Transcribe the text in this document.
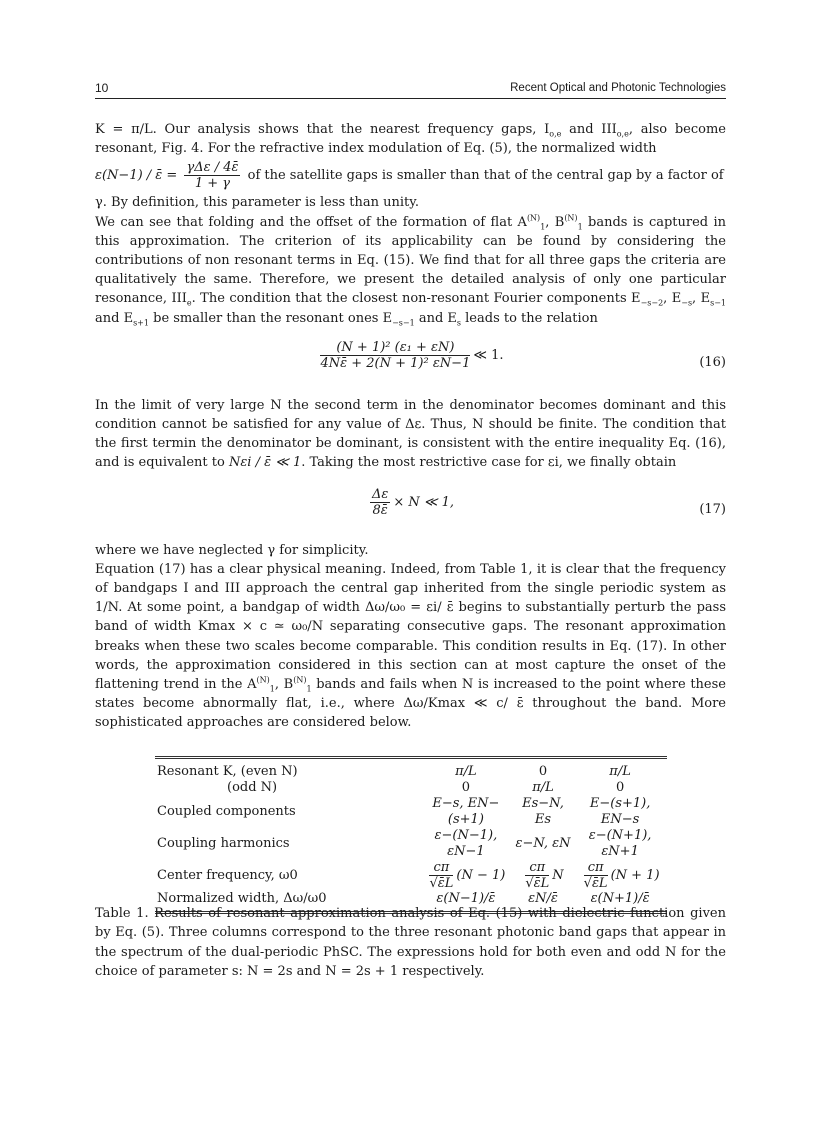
10	Recent Optical and Photonic Technologies

K = π/L. Our analysis shows that the nearest frequency gaps, $I_{o,e}$ and $III_{o,e}$, also become resonant, Fig. 4. For the refractive index modulation of Eq. (5), the normalized width

ε(N−1) / ε̄ = $\frac{\text{γΔε / 4ε̄}}{1 + \gamma}$ of the satellite gaps is smaller than that of the central gap by a factor of

γ. By definition, this parameter is less than unity.

We can see that folding and the offset of the formation of flat $A^{(N)}_1$, $B^{(N)}_1$ bands is captured in this approximation. The criterion of its applicability can be found by considering the contributions of non resonant terms in Eq. (15). We find that for all three gaps the criteria are qualitatively the same. Therefore, we present the detailed analysis of only one particular resonance, $III_e$. The condition that the closest non-resonant Fourier components $E_{-s-2}$, $E_{-s}$, $E_{s-1}$ and $E_{s+1}$ be smaller than the resonant ones $E_{-s-1}$ and $E_s$ leads to the relation

$\frac{\text{(N + 1)² (ε₁ + εN)}}{\text{4Nε̄ + 2(N + 1)² εN−1}}$ ≪ 1.	(16)

In the limit of very large N the second term in the denominator becomes dominant and this condition cannot be satisfied for any value of Δε. Thus, N should be finite. The condition that the first termin the denominator be dominant, is consistent with the entire inequality Eq. (16), and is equivalent to Nεi / ε̄ ≪ 1. Taking the most restrictive case for εi, we finally obtain

$\frac{\Delta\varepsilon}{8\varepsilon̄} \times N$ ≪ 1,	(17)

where we have neglected γ for simplicity.

Equation (17) has a clear physical meaning. Indeed, from Table 1, it is clear that the frequency of bandgaps I and III approach the central gap inherited from the single periodic system as 1/N. At some point, a bandgap of width Δω/ω₀ = εi/ ε̄ begins to substantially perturb the pass band of width Kmax × c ≃ ω₀/N separating consecutive gaps. The resonant approximation breaks when these two scales become comparable. This condition results in Eq. (17). In other words, the approximation considered in this section can at most capture the onset of the flattening trend in the $A^{(N)}_1$, $B^{(N)}_1$ bands and fails when N is increased to the point where these states become abnormally flat, i.e., where Δω/Kmax ≪ c/ ε̄ throughout the band. More sophisticated approaches are considered below.

Resonant K, (even N)	π/L	0	π/L
(odd N)	0	π/L	0
Coupled components	E−s, EN−(s+1)	Es−N, Es	E−(s+1), EN−s
Coupling harmonics	ε−(N−1), εN−1	ε−N, εN	ε−(N+1), εN+1
Center frequency, ω0	$\frac{c\pi}{√\varepsilon̄L} (N - 1)$	$\frac{c\pi}{√\varepsilon̄L}$ N	$\frac{c\pi}{√\varepsilon̄L} (N + 1)$
Normalized width, Δω/ω0	ε(N−1)/ε̄	εN/ε̄	ε(N+1)/ε̄
Table 1. Results of resonant approximation analysis of Eq. (15) with dielectric function given by Eq. (5). Three columns correspond to the three resonant photonic band gaps that appear in the spectrum of the dual-periodic PhSC. The expressions hold for both even and odd N for the choice of parameter s: N = 2s and N = 2s + 1 respectively.
